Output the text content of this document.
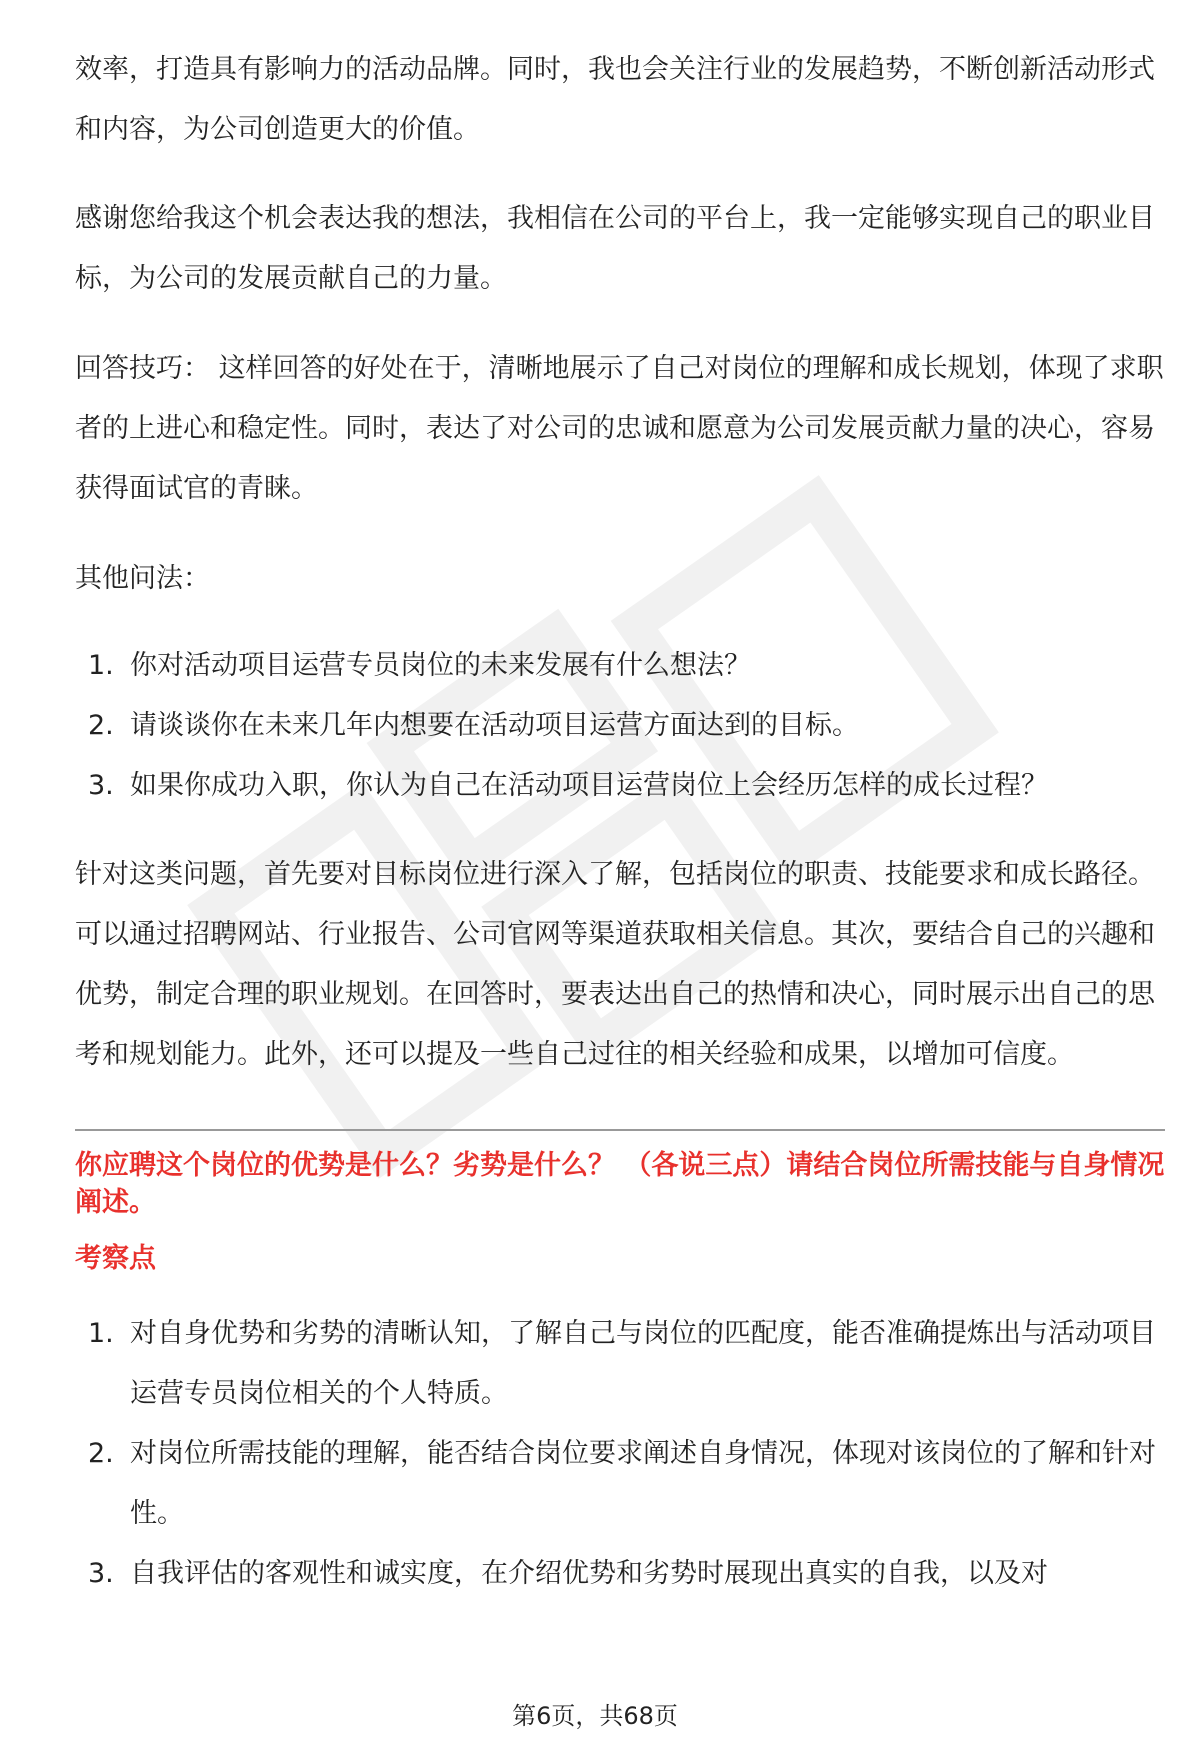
效率，打造具有影响力的活动品牌。同时，我也会关注行业的发展趋势，不断创新活动形式和内容，为公司创造更大的价值。

感谢您给我这个机会表达我的想法，我相信在公司的平台上，我一定能够实现自己的职业目标，为公司的发展贡献自己的力量。

回答技巧： 这样回答的好处在于，清晰地展示了自己对岗位的理解和成长规划，体现了求职者的上进心和稳定性。同时，表达了对公司的忠诚和愿意为公司发展贡献力量的决心，容易获得面试官的青睐。

其他问法：

1. 你对活动项目运营专员岗位的未来发展有什么想法？
2. 请谈谈你在未来几年内想要在活动项目运营方面达到的目标。
3. 如果你成功入职，你认为自己在活动项目运营岗位上会经历怎样的成长过程？

针对这类问题，首先要对目标岗位进行深入了解，包括岗位的职责、技能要求和成长路径。可以通过招聘网站、行业报告、公司官网等渠道获取相关信息。其次，要结合自己的兴趣和优势，制定合理的职业规划。在回答时，要表达出自己的热情和决心，同时展示出自己的思考和规划能力。此外，还可以提及一些自己过往的相关经验和成果，以增加可信度。

你应聘这个岗位的优势是什么？劣势是什么？ （各说三点）请结合岗位所需技能与自身情况阐述。
考察点
1. 对自身优势和劣势的清晰认知，了解自己与岗位的匹配度，能否准确提炼出与活动项目运营专员岗位相关的个人特质。
2. 对岗位所需技能的理解，能否结合岗位要求阐述自身情况，体现对该岗位的了解和针对性。
3. 自我评估的客观性和诚实度，在介绍优势和劣势时展现出真实的自我，以及对
第6页，共68页
